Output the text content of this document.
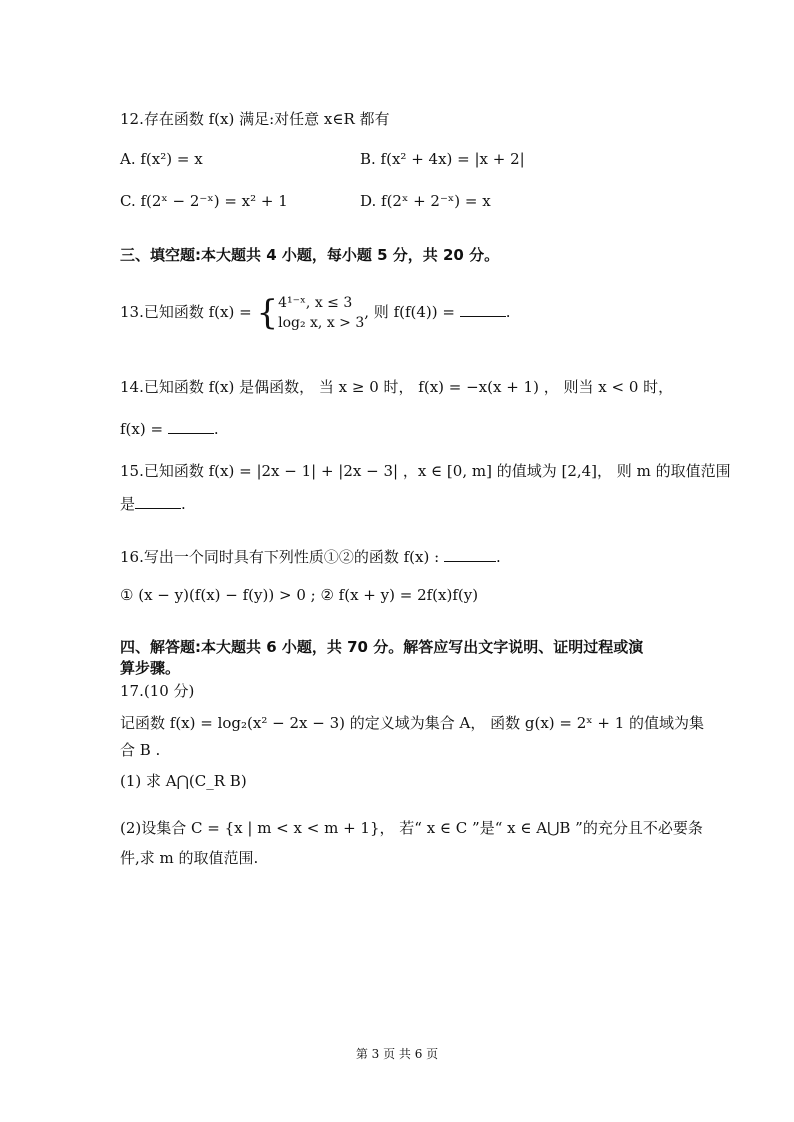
12.存在函数 f(x) 满足:对任意 x∈R 都有
A. f(x²) = x	B. f(x² + 4x) = |x + 2|
C. f(2ˣ − 2⁻ˣ) = x² + 1	D. f(2ˣ + 2⁻ˣ) = x
三、填空题:本大题共 4 小题，每小题 5 分，共 20 分。
13.已知函数 f(x) = {4¹⁻ˣ, x ≤ 3
log₂ x, x > 3, 则 f(f(4)) =	.
14.已知函数 f(x) 是偶函数， 当 x ≥ 0 时， f(x) = −x(x + 1) ， 则当 x < 0 时，
f(x) =	.
15.已知函数 f(x) = |2x − 1| + |2x − 3| ，x ∈ [0, m] 的值域为 [2,4]， 则 m 的取值范围
是	.
16.写出一个同时具有下列性质①②的函数 f(x) :	.
① (x − y)(f(x) − f(y)) > 0 ; ② f(x + y) = 2f(x)f(y)
四、解答题:本大题共 6 小题，共 70 分。解答应写出文字说明、证明过程或演
算步骤。
17.(10 分)
记函数 f(x) = log₂(x² − 2x − 3) 的定义域为集合 A， 函数 g(x) = 2ˣ + 1 的值域为集
合 B .
(1) 求 A⋂(C_R B)
(2)设集合 C = {x | m < x < m + 1}， 若“ x ∈ C ”是“ x ∈ A⋃B ”的充分且不必要条
件,求 m 的取值范围.
第 3 页 共 6 页
